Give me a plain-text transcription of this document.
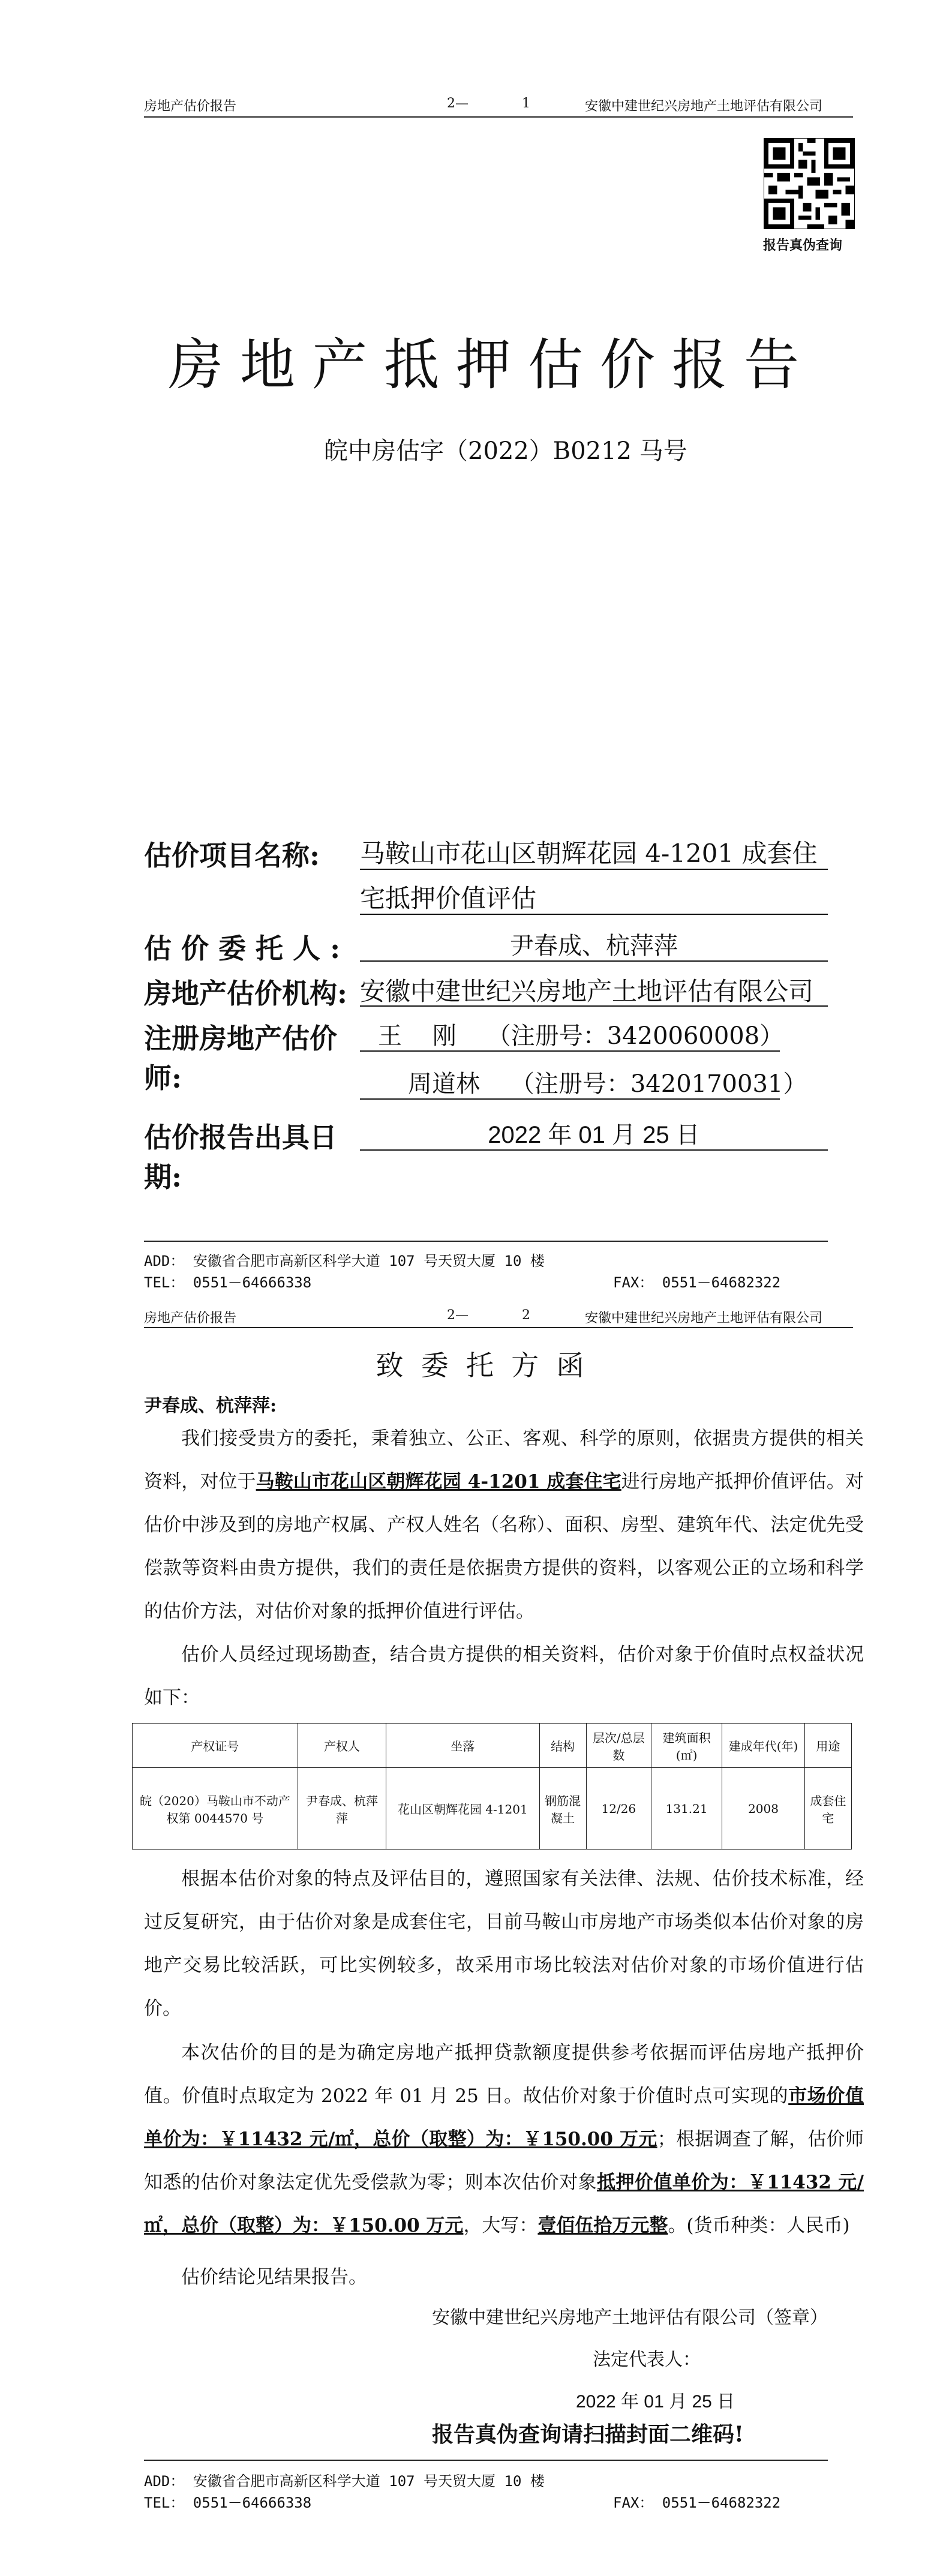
房地产估价报告	2—	1	安徽中建世纪兴房地产土地评估有限公司
报告真伪查询
房地产抵押估价报告
皖中房估字（2022）B0212 马号
估价项目名称:	马鞍山市花山区朝辉花园 4-1201 成套住
宅抵押价值评估
估 价 委 托 人 :	尹春成、杭萍萍
房地产估价机构: 安徽中建世纪兴房地产土地评估有限公司
注册房地产估价师:
王    刚    （注册号：3420060008）
周道林    （注册号：3420170031）
估价报告出具日期:
2022 年 01 月 25 日
ADD： 安徽省合肥市高新区科学大道 107 号天贸大厦 10 楼
TEL： 0551－64666338	FAX： 0551－64682322
房地产估价报告	2—	2	安徽中建世纪兴房地产土地评估有限公司
致  委  托  方  函
尹春成、杭萍萍:
我们接受贵方的委托，秉着独立、公正、客观、科学的原则，依据贵方提供的相关资料，对位于马鞍山市花山区朝辉花园 4-1201 成套住宅进行房地产抵押价值评估。对估价中涉及到的房地产权属、产权人姓名（名称）、面积、房型、建筑年代、法定优先受偿款等资料由贵方提供，我们的责任是依据贵方提供的资料，以客观公正的立场和科学的估价方法，对估价对象的抵押价值进行评估。
估价人员经过现场勘查，结合贵方提供的相关资料，估价对象于价值时点权益状况如下：
产权证号	产权人	坐落	结构	层次/总层数	建筑面积(㎡)	建成年代(年)	用途
皖（2020）马鞍山市不动产权第 0044570 号	尹春成、杭萍萍	花山区朝辉花园 4-1201	钢筋混凝土	12/26	131.21	2008	成套住宅
根据本估价对象的特点及评估目的，遵照国家有关法律、法规、估价技术标准，经过反复研究，由于估价对象是成套住宅，目前马鞍山市房地产市场类似本估价对象的房地产交易比较活跃，可比实例较多，故采用市场比较法对估价对象的市场价值进行估价。
本次估价的目的是为确定房地产抵押贷款额度提供参考依据而评估房地产抵押价值。价值时点取定为 2022 年 01 月 25 日。故估价对象于价值时点可实现的市场价值单价为：￥11432 元/㎡，总价（取整）为：￥150.00 万元；根据调查了解，估价师知悉的估价对象法定优先受偿款为零；则本次估价对象抵押价值单价为：￥11432 元/㎡，总价（取整）为：￥150.00 万元，大写：壹佰伍拾万元整。(货币种类：人民币)
估价结论见结果报告。
安徽中建世纪兴房地产土地评估有限公司（签章）
法定代表人：
2022 年 01 月 25 日
报告真伪查询请扫描封面二维码!
ADD： 安徽省合肥市高新区科学大道 107 号天贸大厦 10 楼
TEL： 0551－64666338	FAX： 0551－64682322
